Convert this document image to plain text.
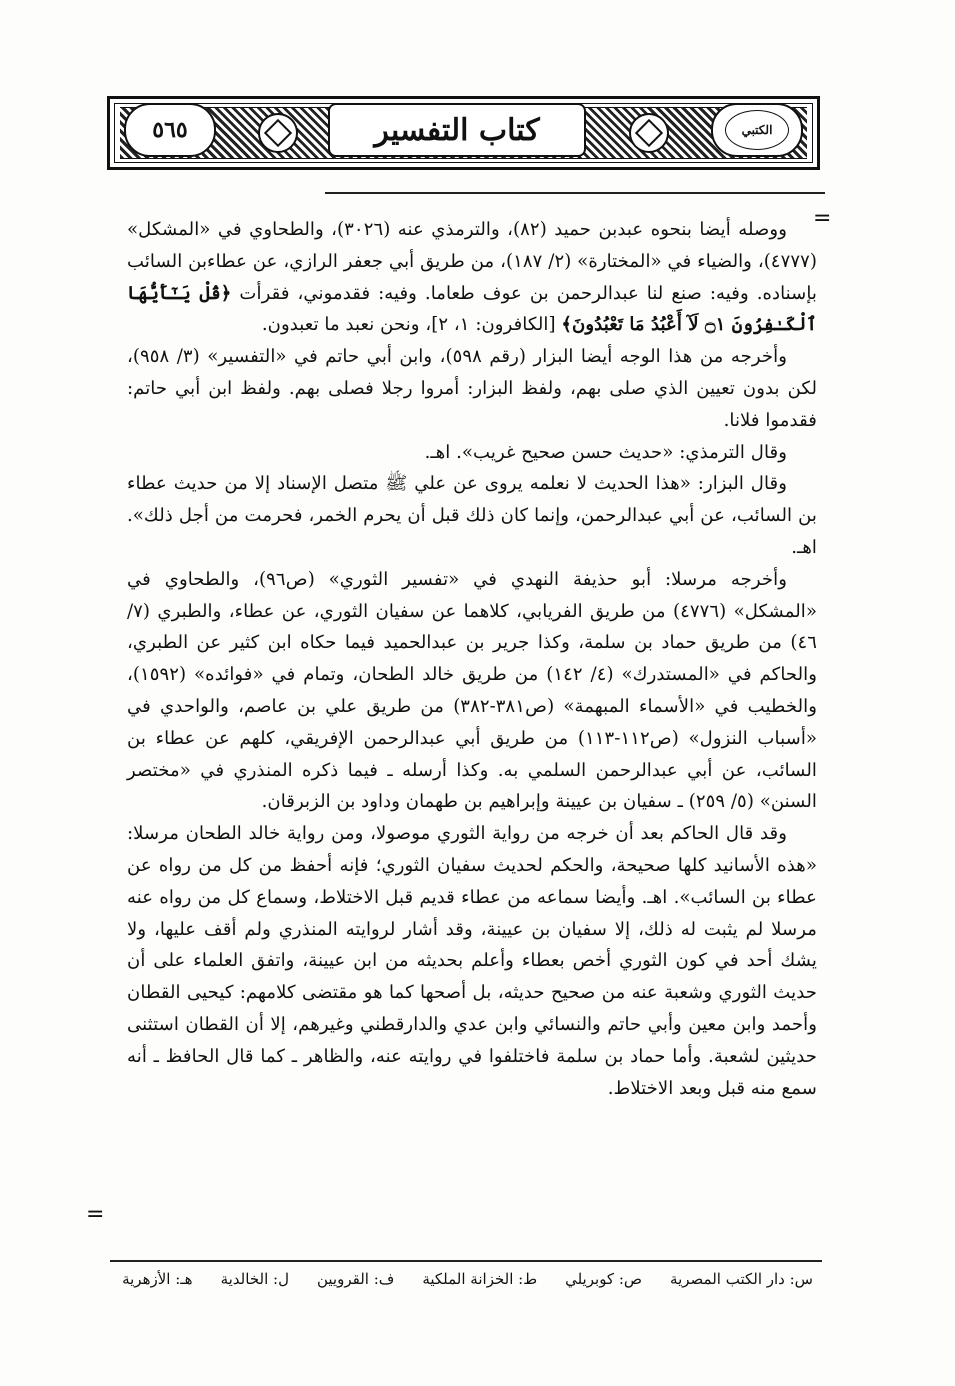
الكتبي
كتاب التفسير
٥٦٥
=

ووصله أيضا بنحوه عبدبن حميد (٨٢)، والترمذي عنه (٣٠٢٦)، والطحاوي في «المشكل» (٤٧٧٧)، والضياء في «المختارة» (٢/ ١٨٧)، من طريق أبي جعفر الرازي، عن عطاءبن السائب بإسناده. وفيه: صنع لنا عبدالرحمن بن عوف طعاما. وفيه: فقدموني، فقرأت ﴿قُلْ يَـٰٓأَيُّهَا ٱلْكَـٰفِرُونَ ۝١ لَآ أَعْبُدُ مَا تَعْبُدُونَ﴾ [الكافرون: ١، ٢]، ونحن نعبد ما تعبدون.

وأخرجه من هذا الوجه أيضا البزار (رقم ٥٩٨)، وابن أبي حاتم في «التفسير» (٣/ ٩٥٨)، لكن بدون تعيين الذي صلى بهم، ولفظ البزار: أمروا رجلا فصلى بهم. ولفظ ابن أبي حاتم: فقدموا فلانا.

وقال الترمذي: «حديث حسن صحيح غريب». اهـ.

وقال البزار: «هذا الحديث لا نعلمه يروى عن علي ﷺ متصل الإسناد إلا من حديث عطاء بن السائب، عن أبي عبدالرحمن، وإنما كان ذلك قبل أن يحرم الخمر، فحرمت من أجل ذلك». اهـ.

وأخرجه مرسلا: أبو حذيفة النهدي في «تفسير الثوري» (ص٩٦)، والطحاوي في «المشكل» (٤٧٧٦) من طريق الفريابي، كلاهما عن سفيان الثوري، عن عطاء، والطبري (٧/ ٤٦) من طريق حماد بن سلمة، وكذا جرير بن عبدالحميد فيما حكاه ابن كثير عن الطبري، والحاكم في «المستدرك» (٤/ ١٤٢) من طريق خالد الطحان، وتمام في «فوائده» (١٥٩٢)، والخطيب في «الأسماء المبهمة» (ص٣٨١-٣٨٢) من طريق علي بن عاصم، والواحدي في «أسباب النزول» (ص١١٢-١١٣) من طريق أبي عبدالرحمن الإفريقي، كلهم عن عطاء بن السائب، عن أبي عبدالرحمن السلمي به. وكذا أرسله ـ فيما ذكره المنذري في «مختصر السنن» (٥/ ٢٥٩) ـ سفيان بن عيينة وإبراهيم بن طهمان وداود بن الزبرقان.

وقد قال الحاكم بعد أن خرجه من رواية الثوري موصولا، ومن رواية خالد الطحان مرسلا: «هذه الأسانيد كلها صحيحة، والحكم لحديث سفيان الثوري؛ فإنه أحفظ من كل من رواه عن عطاء بن السائب». اهـ. وأيضا سماعه من عطاء قديم قبل الاختلاط، وسماع كل من رواه عنه مرسلا لم يثبت له ذلك، إلا سفيان بن عيينة، وقد أشار لروايته المنذري ولم أقف عليها، ولا يشك أحد في كون الثوري أخص بعطاء وأعلم بحديثه من ابن عيينة، واتفق العلماء على أن حديث الثوري وشعبة عنه من صحيح حديثه، بل أصحها كما هو مقتضى كلامهم: كيحيى القطان وأحمد وابن معين وأبي حاتم والنسائي وابن عدي والدارقطني وغيرهم، إلا أن القطان استثنى حديثين لشعبة. وأما حماد بن سلمة فاختلفوا في روايته عنه، والظاهر ـ كما قال الحافظ ـ أنه سمع منه قبل وبعد الاختلاط.

=
س: دار الكتب المصرية
ص: كوبريلي
ط: الخزانة الملكية
ف: القرويين
ل: الخالدية
هـ: الأزهرية
